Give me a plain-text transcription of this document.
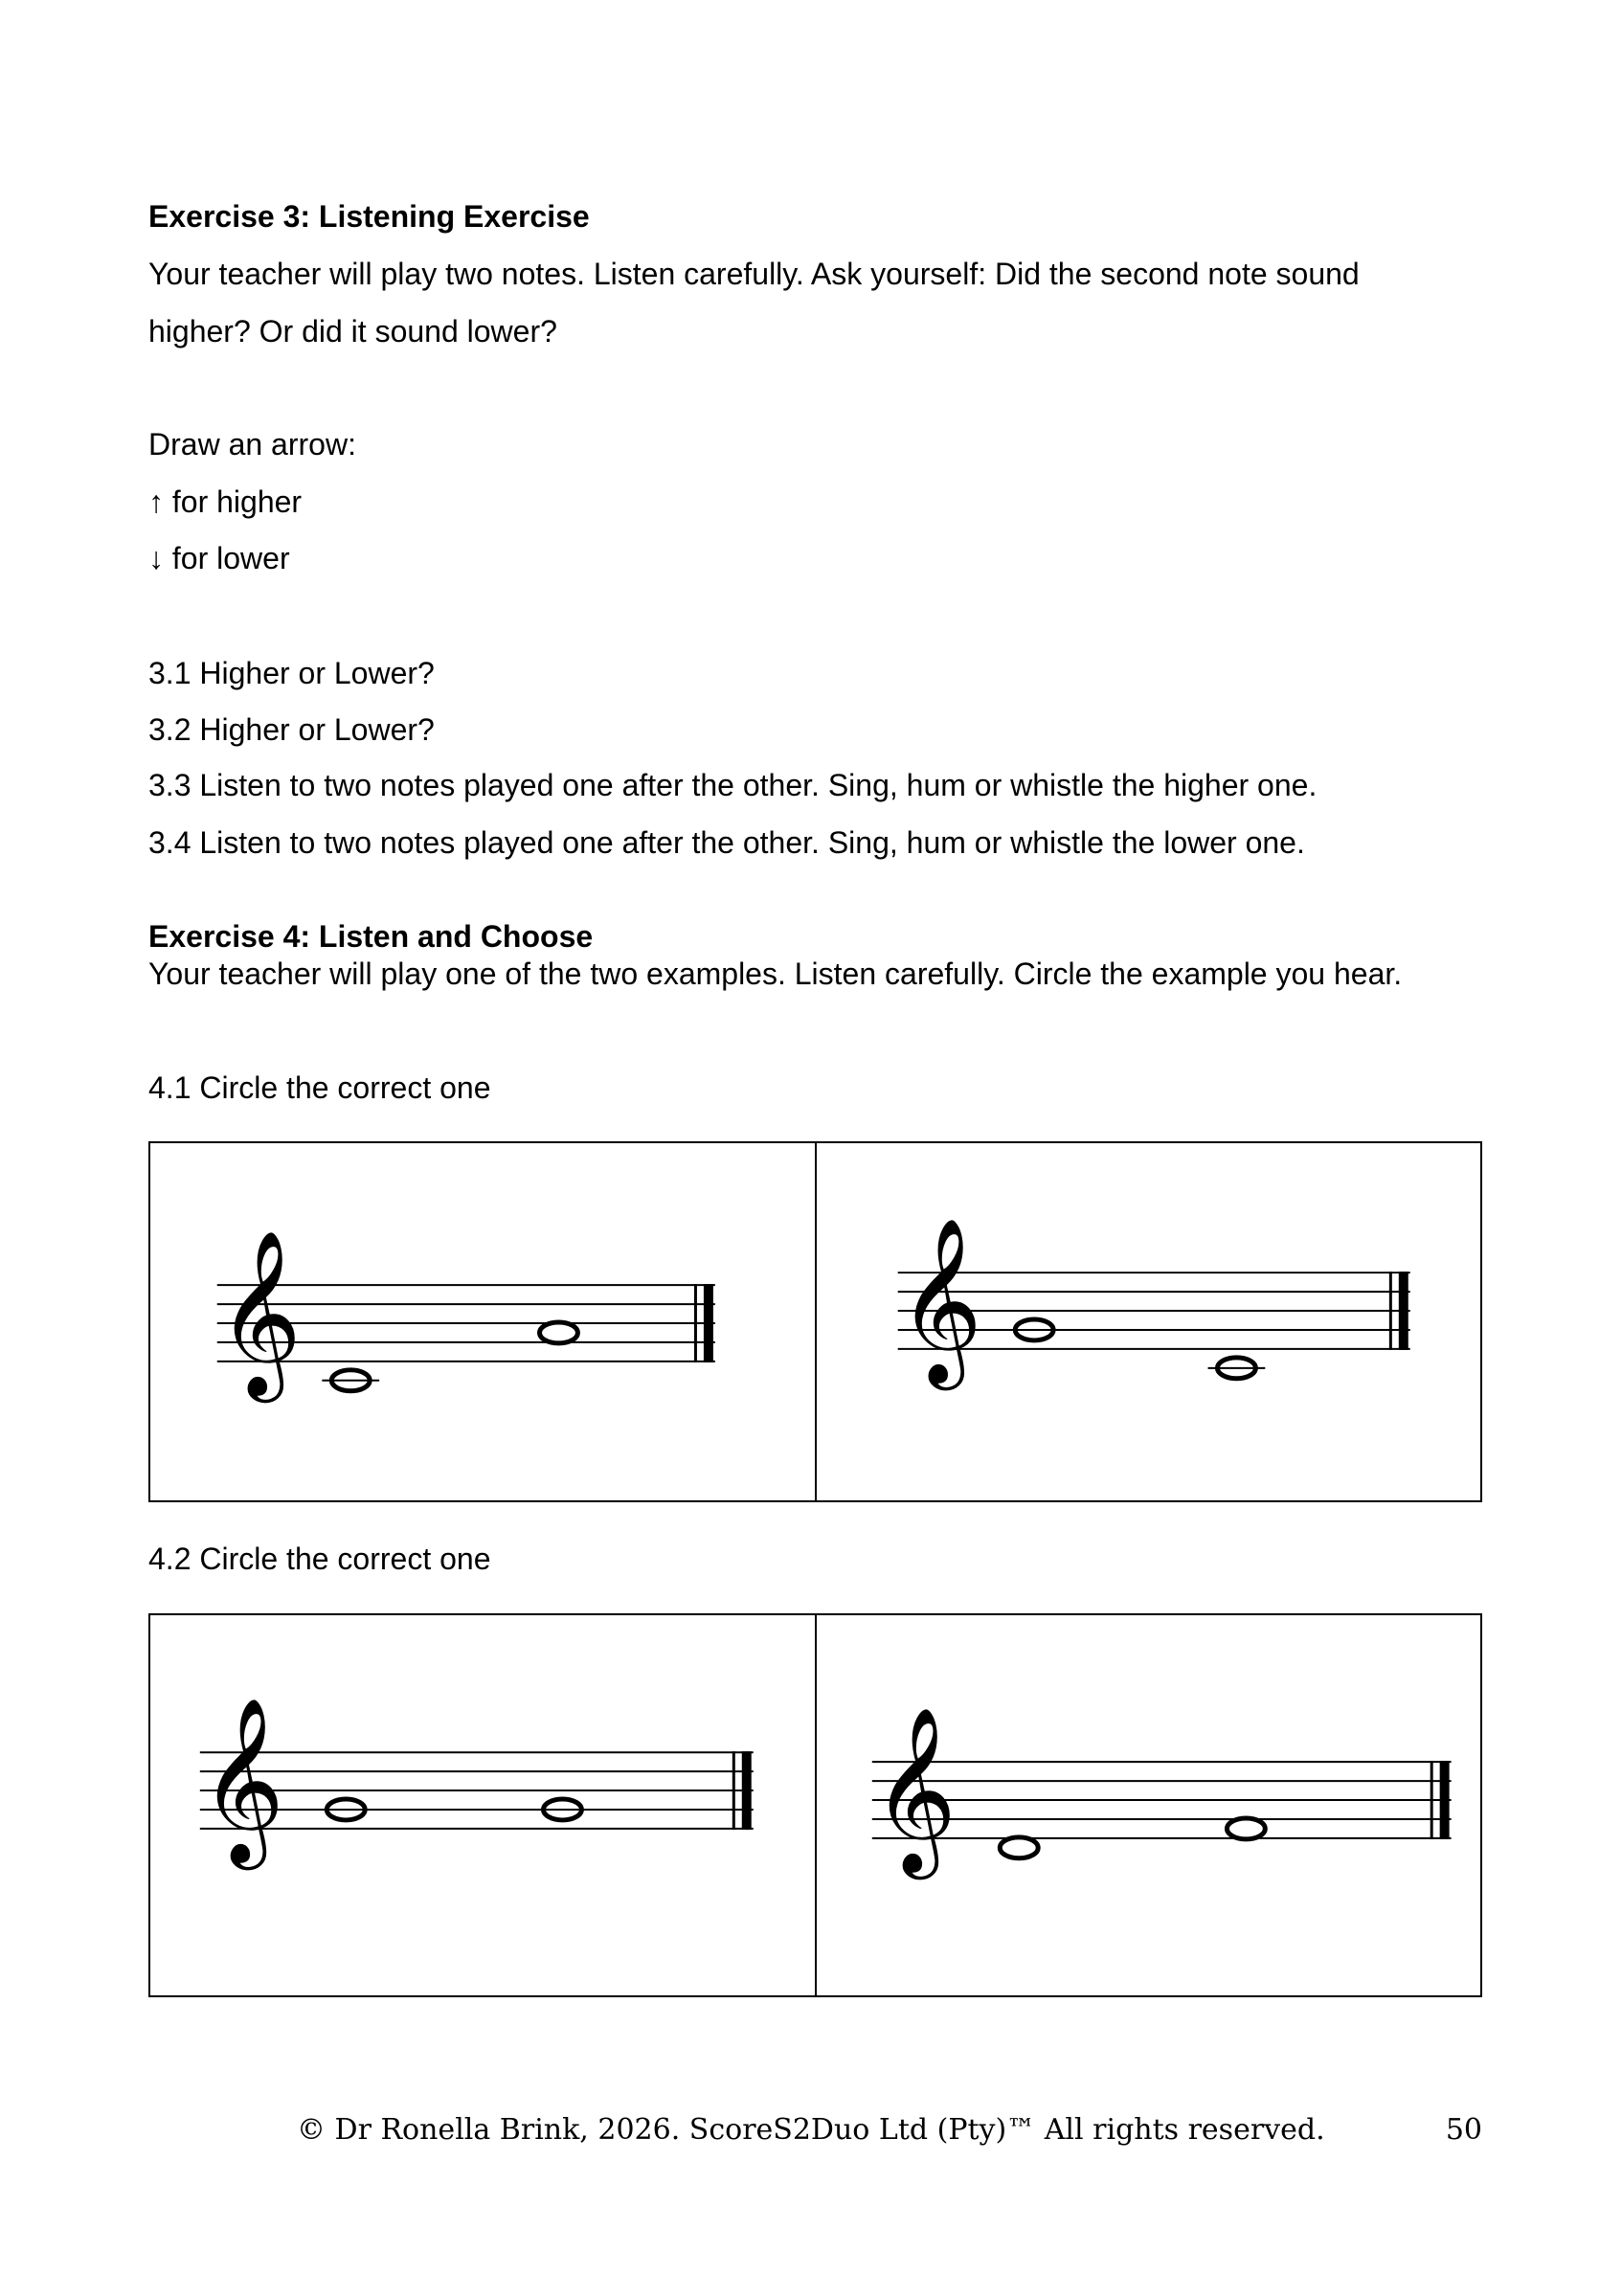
Exercise 3: Listening Exercise
Your teacher will play two notes. Listen carefully. Ask yourself: Did the second note sound
higher? Or did it sound lower?
Draw an arrow:
↑ for higher
↓ for lower
3.1 Higher or Lower?
3.2 Higher or Lower?
3.3 Listen to two notes played one after the other. Sing, hum or whistle the higher one.
3.4 Listen to two notes played one after the other. Sing, hum or whistle the lower one.
Exercise 4: Listen and Choose
Your teacher will play one of the two examples. Listen carefully. Circle the example you hear.
4.1 Circle the correct one
𝄞	𝄞
4.2 Circle the correct one
𝄞	𝄞
© Dr Ronella Brink, 2026. ScoreS2Duo Ltd (Pty)™ All rights reserved.	50
